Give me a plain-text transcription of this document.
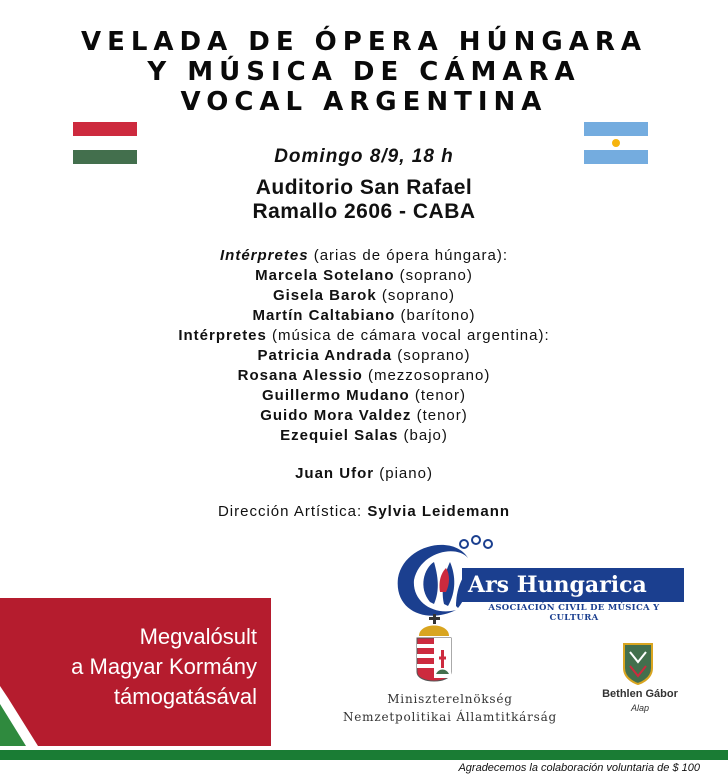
VELADA DE ÓPERA HÚNGARA
Y MÚSICA DE CÁMARA
VOCAL ARGENTINA
Domingo 8/9, 18 h
Auditorio San Rafael
Ramallo 2606 - CABA
Intérpretes (arias de ópera húngara):
Marcela Sotelano (soprano)
Gisela Barok (soprano)
Martín Caltabiano (barítono)
Intérpretes (música de cámara vocal argentina):
Patricia Andrada (soprano)
Rosana Alessio (mezzosoprano)
Guillermo Mudano (tenor)
Guido Mora Valdez (tenor)
Ezequiel Salas (bajo)
Juan Ufor (piano)
Dirección Artística: Sylvia Leidemann
Megvalósult
a Magyar Kormány
támogatásával
Ars Hungarica
ASOCIACIÓN CIVIL DE MÚSICA Y CULTURA
Miniszterelnökség
Nemzetpolitikai Államtitkárság
Bethlen Gábor
Alap
Agradecemos la colaboración voluntaria de $ 100
